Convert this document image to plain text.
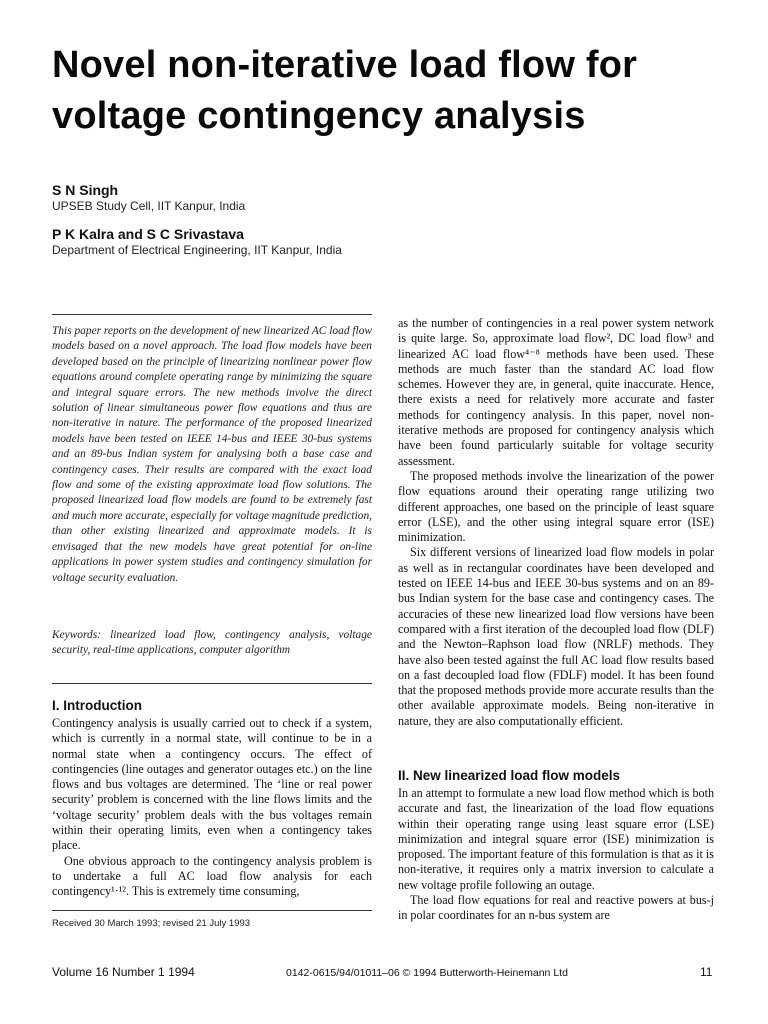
Novel non-iterative load flow for
voltage contingency analysis
S N Singh
UPSEB Study Cell, IIT Kanpur, India
P K Kalra and S C Srivastava
Department of Electrical Engineering, IIT Kanpur, India
This paper reports on the development of new linearized AC load flow models based on a novel approach. The load flow models have been developed based on the principle of linearizing nonlinear power flow equations around complete operating range by minimizing the square and integral square errors. The new methods involve the direct solution of linear simultaneous power flow equations and thus are non-iterative in nature. The performance of the proposed linearized models have been tested on IEEE 14-bus and IEEE 30-bus systems and an 89-bus Indian system for analysing both a base case and contingency cases. Their results are compared with the exact load flow and some of the existing approximate load flow solutions. The proposed linearized load flow models are found to be extremely fast and much more accurate, especially for voltage magnitude prediction, than other existing linearized and approximate models. It is envisaged that the new models have great potential for on-line applications in power system studies and contingency simulation for voltage security evaluation.
Keywords: linearized load flow, contingency analysis, voltage security, real-time applications, computer algorithm
I. Introduction

Contingency analysis is usually carried out to check if a system, which is currently in a normal state, will continue to be in a normal state when a contingency occurs. The effect of contingencies (line outages and generator outages etc.) on the line flows and bus voltages are determined. The ‘line or real power security’ problem is concerned with the line flows limits and the ‘voltage security’ problem deals with the bus voltages remain within their operating limits, even when a contingency takes place.

One obvious approach to the contingency analysis problem is to undertake a full AC load flow analysis for each contingency¹·¹². This is extremely time consuming,

Received 30 March 1993; revised 21 July 1993

as the number of contingencies in a real power system network is quite large. So, approximate load flow², DC load flow³ and linearized AC load flow⁴⁻⁸ methods have been used. These methods are much faster than the standard AC load flow schemes. However they are, in general, quite inaccurate. Hence, there exists a need for relatively more accurate and faster methods for contingency analysis. In this paper, novel non-iterative methods are proposed for contingency analysis which have been found particularly suitable for voltage security assessment.

The proposed methods involve the linearization of the power flow equations around their operating range utilizing two different approaches, one based on the principle of least square error (LSE), and the other using integral square error (ISE) minimization.

Six different versions of linearized load flow models in polar as well as in rectangular coordinates have been developed and tested on IEEE 14-bus and IEEE 30-bus systems and on an 89-bus Indian system for the base case and contingency cases. The accuracies of these new linearized load flow versions have been compared with a first iteration of the decoupled load flow (DLF) and the Newton–Raphson load flow (NRLF) methods. They have also been tested against the full AC load flow results based on a fast decoupled load flow (FDLF) model. It has been found that the proposed methods provide more accurate results than the other available approximate models. Being non-iterative in nature, they are also computationally efficient.

II. New linearized load flow models

In an attempt to formulate a new load flow method which is both accurate and fast, the linearization of the load flow equations within their operating range using least square error (LSE) minimization and integral square error (ISE) minimization is proposed. The important feature of this formulation is that as it is non-iterative, it requires only a matrix inversion to calculate a new voltage profile following an outage.

The load flow equations for real and reactive powers at bus-j in polar coordinates for an n-bus system are

Volume 16 Number 1 1994	0142-0615/94/01011–06 © 1994 Butterworth-Heinemann Ltd	11
